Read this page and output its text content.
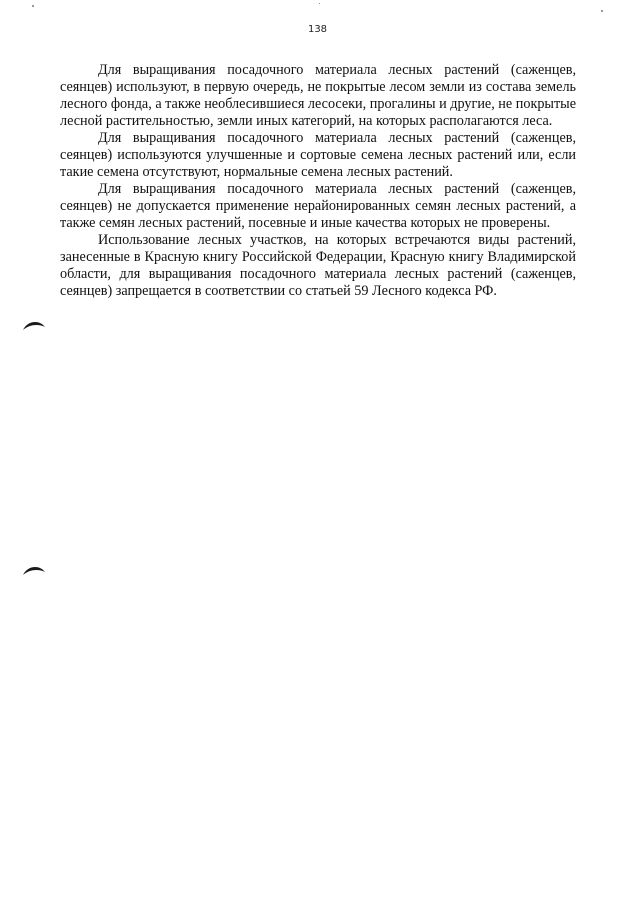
138

Для выращивания посадочного материала лесных растений (саженцев, сеянцев) используют, в первую очередь, не покрытые лесом земли из состава земель лесного фонда, а также необлесившиеся лесосеки, прогалины и другие, не покрытые лесной растительностью, земли иных категорий, на которых располагаются леса.

Для выращивания посадочного материала лесных растений (саженцев, сеянцев) используются улучшенные и сортовые семена лесных растений или, если такие семена отсутствуют, нормальные семена лесных растений.

Для выращивания посадочного материала лесных растений (саженцев, сеянцев) не допускается применение нерайонированных семян лесных растений, а также семян лесных растений, посевные и иные качества которых не проверены.

Использование лесных участков, на которых встречаются виды растений, занесенные в Красную книгу Российской Федерации, Красную книгу Владимирской области, для выращивания посадочного материала лесных растений (саженцев, сеянцев) запрещается в соответствии со статьей 59 Лесного кодекса РФ.
